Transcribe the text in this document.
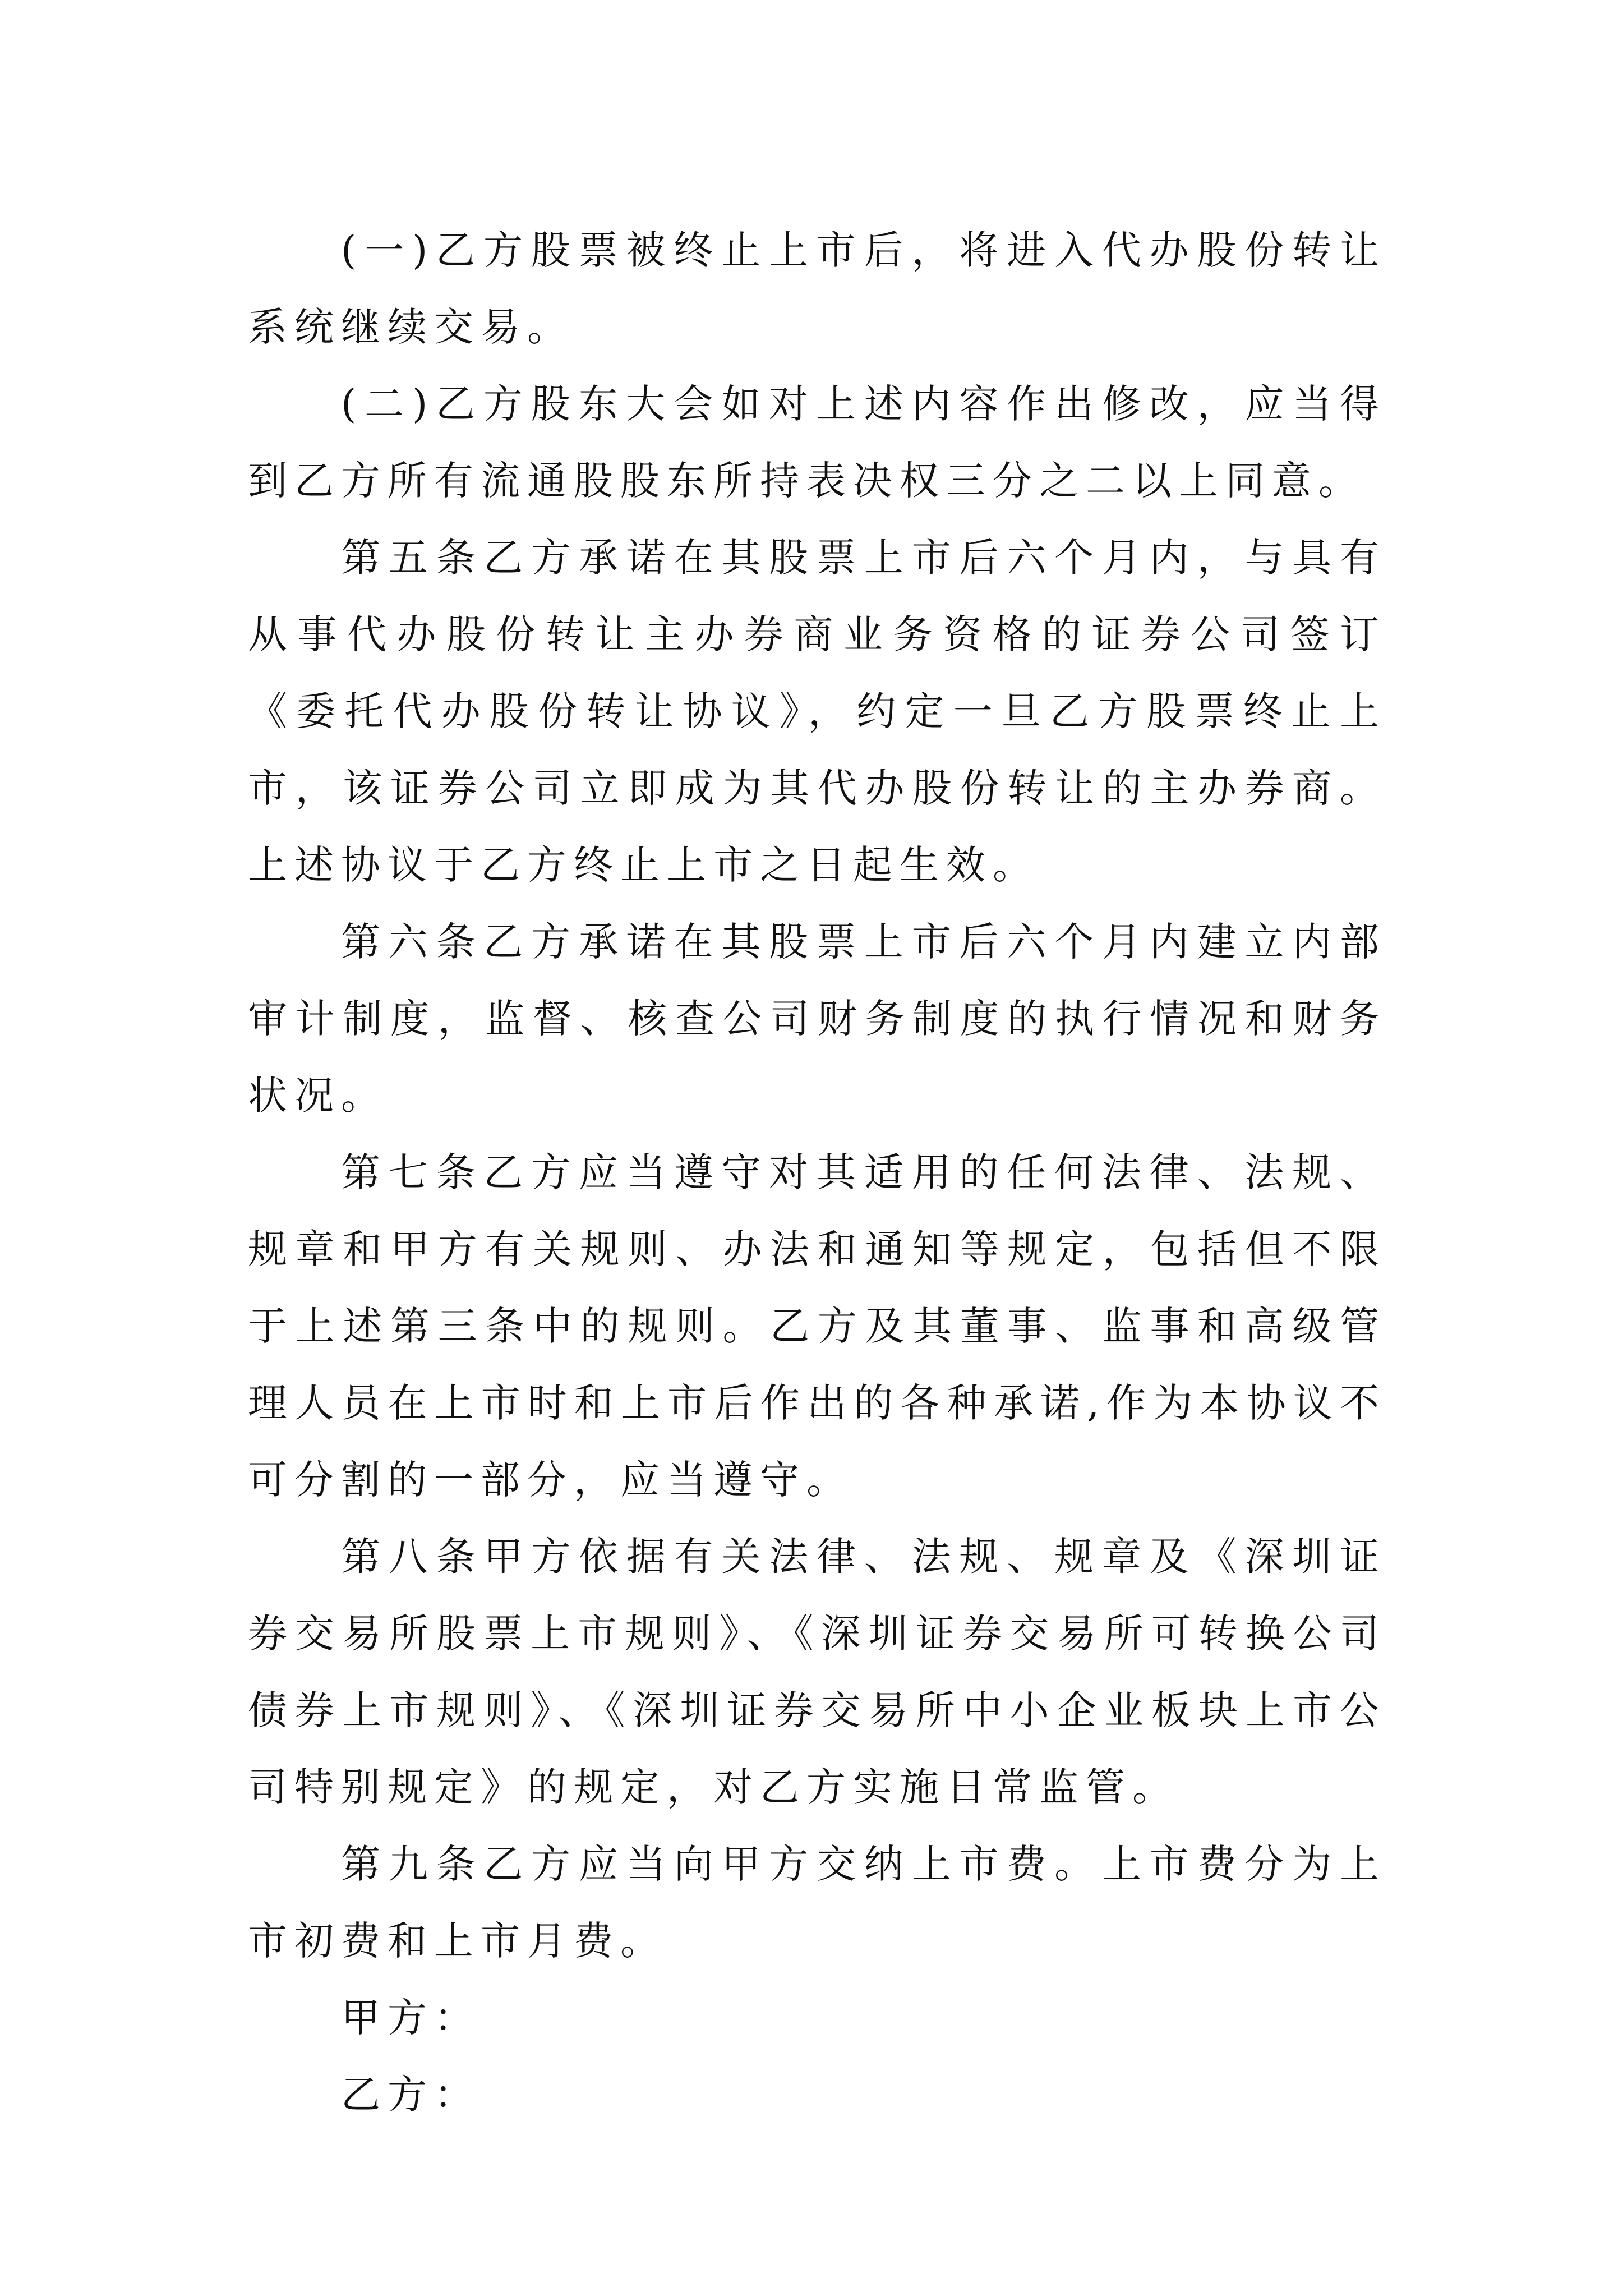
(一)乙方股票被终止上市后，将进入代办股份转让系统继续交易。

(二)乙方股东大会如对上述内容作出修改，应当得到乙方所有流通股股东所持表决权三分之二以上同意。

第五条乙方承诺在其股票上市后六个月内，与具有从事代办股份转让主办券商业务资格的证券公司签订《委托代办股份转让协议》，约定一旦乙方股票终止上市，该证券公司立即成为其代办股份转让的主办券商。上述协议于乙方终止上市之日起生效。

第六条乙方承诺在其股票上市后六个月内建立内部审计制度，监督、核查公司财务制度的执行情况和财务状况。

第七条乙方应当遵守对其适用的任何法律、法规、规章和甲方有关规则、办法和通知等规定，包括但不限于上述第三条中的规则。乙方及其董事、监事和高级管理人员在上市时和上市后作出的各种承诺,作为本协议不可分割的一部分，应当遵守。

第八条甲方依据有关法律、法规、规章及《深圳证券交易所股票上市规则》、《深圳证券交易所可转换公司债券上市规则》、《深圳证券交易所中小企业板块上市公司特别规定》的规定，对乙方实施日常监管。

第九条乙方应当向甲方交纳上市费。上市费分为上市初费和上市月费。

甲方：

乙方：
